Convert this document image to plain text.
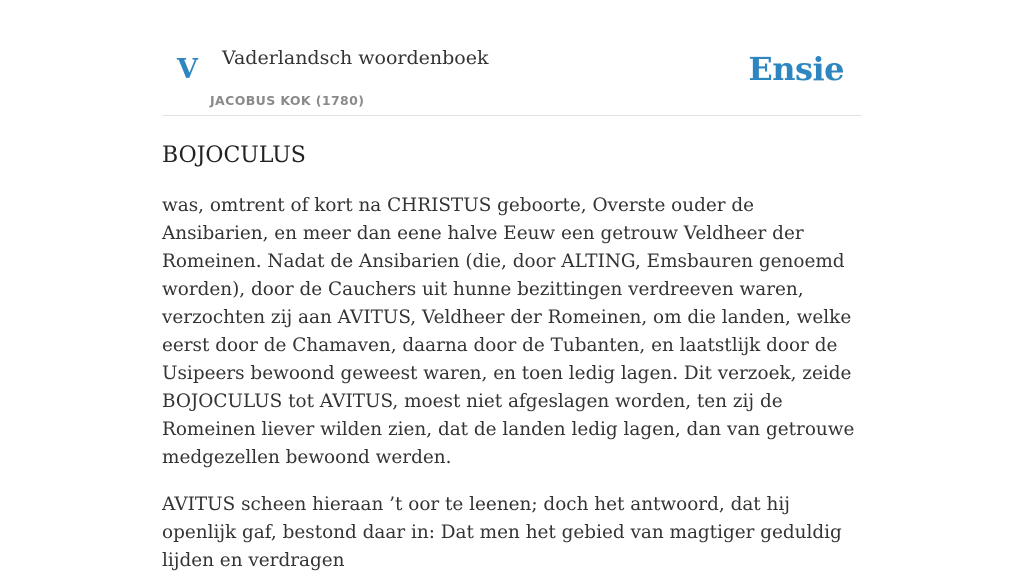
V Vaderlandsch woordenboek
JACOBUS KOK (1780)
Ensie
BOJOCULUS

was, omtrent of kort na CHRISTUS geboorte, Overste ouder de Ansibarien, en meer dan eene halve Eeuw een getrouw Veldheer der Romeinen. Nadat de Ansibarien (die, door ALTING, Emsbauren genoemd worden), door de Cauchers uit hunne bezittingen verdreeven waren, verzochten zij aan AVITUS, Veldheer der Romeinen, om die landen, welke eerst door de Chamaven, daarna door de Tubanten, en laatstlijk door de Usipeers bewoond geweest waren, en toen ledig lagen. Dit verzoek, zeide BOJOCULUS tot AVITUS, moest niet afgeslagen worden, ten zij de Romeinen liever wilden zien, dat de landen ledig lagen, dan van getrouwe medgezellen bewoond werden.

AVITUS scheen hieraan ’t oor te leenen; doch het antwoord, dat hij openlijk gaf, bestond daar in: Dat men het gebied van magtiger geduldig lijden en verdragen
